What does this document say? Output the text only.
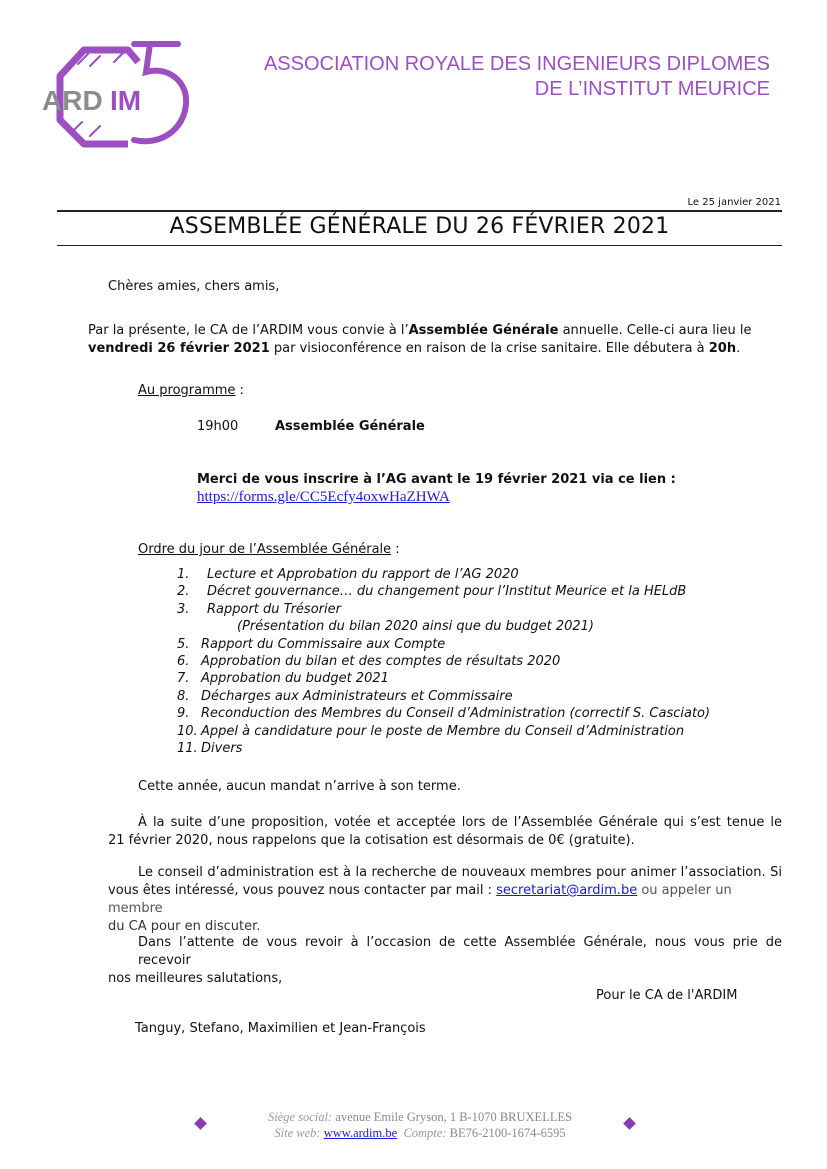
ARD IM
ASSOCIATION ROYALE DES INGENIEURS DIPLOMES
DE L’INSTITUT MEURICE
Le 25 janvier 2021
ASSEMBLÉE GÉNÉRALE DU 26 FÉVRIER 2021

Chères amies, chers amis,

Par la présente, le CA de l’ARDIM vous convie à l’Assemblée Générale annuelle. Celle-ci aura lieu le
vendredi 26 février 2021 par visioconférence en raison de la crise sanitaire. Elle débutera à 20h.

Au programme :

19h00	Assemblée Générale

Merci de vous inscrire à l’AG avant le 19 février 2021 via ce lien :

https://forms.gle/CC5Ecfy4oxwHaZHWA

Ordre du jour de l’Assemblée Générale :

1. Lecture et Approbation du rapport de l’AG 2020
2. Décret gouvernance… du changement pour l’Institut Meurice et la HELdB
3. Rapport du Trésorier
(Présentation du bilan 2020 ainsi que du budget 2021)
5. Rapport du Commissaire aux Compte
6. Approbation du bilan et des comptes de résultats 2020
7. Approbation du budget 2021
8. Décharges aux Administrateurs et Commissaire
9. Reconduction des Membres du Conseil d’Administration (correctif S. Casciato)
10. Appel à candidature pour le poste de Membre du Conseil d’Administration
11. Divers

Cette année, aucun mandat n’arrive à son terme.

À la suite d’une proposition, votée et acceptée lors de l’Assemblée Générale qui s’est tenue le
21 février 2020, nous rappelons que la cotisation est désormais de 0€ (gratuite).
Le conseil d’administration est à la recherche de nouveaux membres pour animer l’association. Si
vous êtes intéressé, vous pouvez nous contacter par mail : secretariat@ardim.be ou appeler un membre
du CA pour en discuter.
Dans l’attente de vous revoir à l’occasion de cette Assemblée Générale, nous vous prie de recevoir
nos meilleures salutations,

Pour le CA de l'ARDIM

Tanguy, Stefano, Maximilien et Jean-François

Siège social: avenue Emile Gryson, 1 B-1070 BRUXELLES
Site web: www.ardim.be Compte: BE76-2100-1674-6595
